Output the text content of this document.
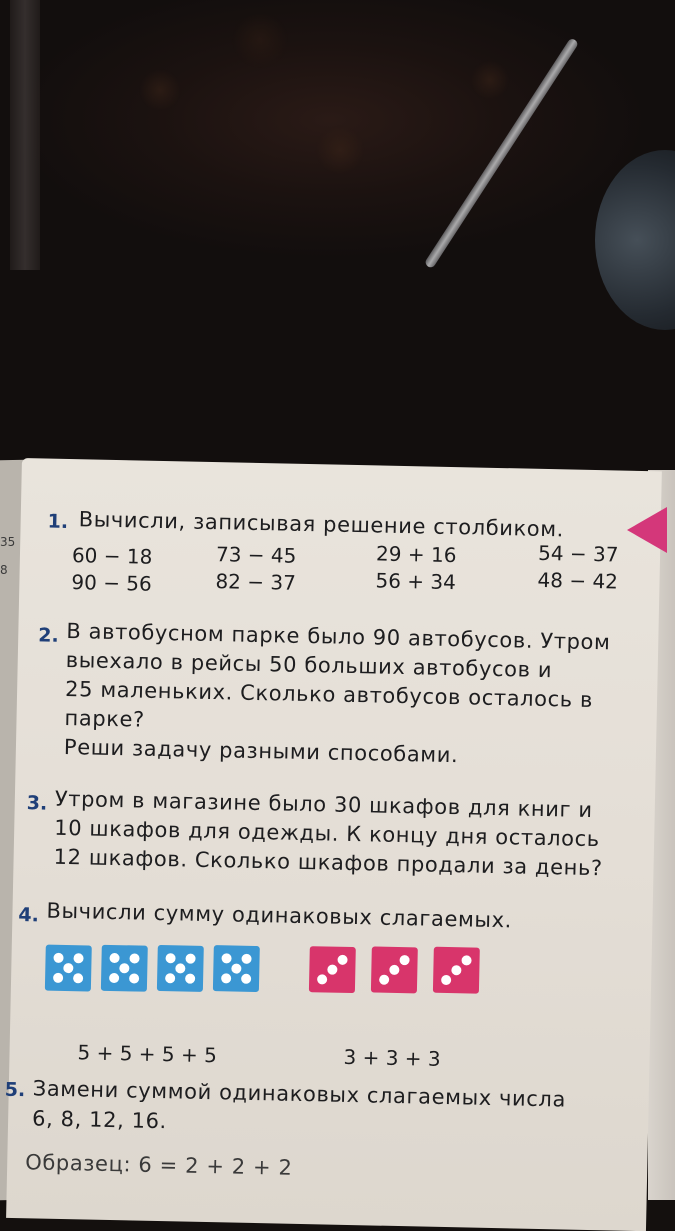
35
8
1. Вычисли, записывая решение столбиком.
60 − 18
90 − 56
73 − 45
82 − 37
29 + 16
56 + 34
54 − 37
48 − 42
2. В автобусном парке было 90 автобусов. Утром
выехало в рейсы 50 больших автобусов и
25 маленьких. Сколько автобусов осталось в
парке?
Реши задачу разными способами.
3. Утром в магазине было 30 шкафов для книг и
10 шкафов для одежды. К концу дня осталось
12 шкафов. Сколько шкафов продали за день?
4. Вычисли сумму одинаковых слагаемых.
5 + 5 + 5 + 5	3 + 3 + 3
5. Замени суммой одинаковых слагаемых числа
6, 8, 12, 16.
Образец: 6 = 2 + 2 + 2
